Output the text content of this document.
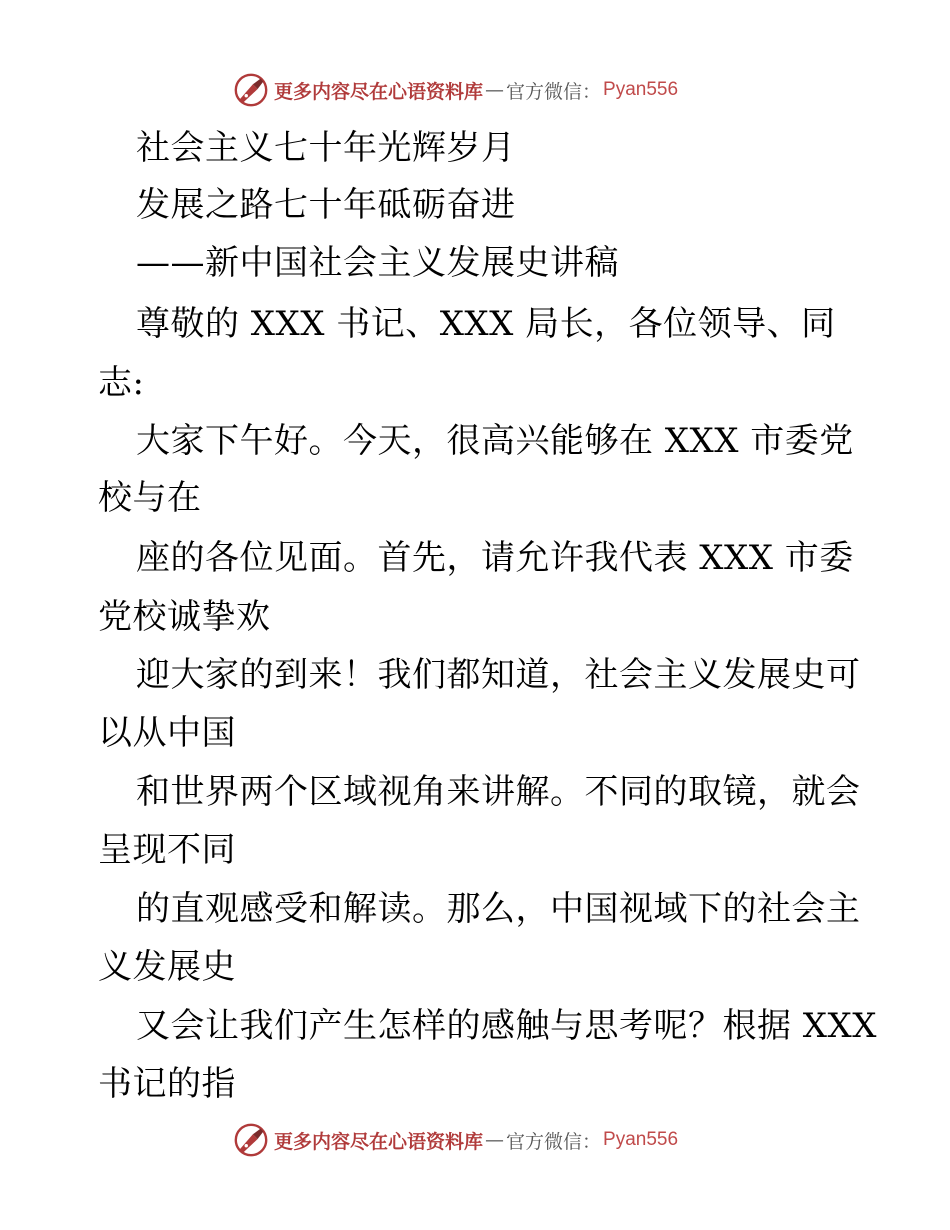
更多内容尽在心语资料库 — 官方微信： Pyan556
社会主义七十年光辉岁月
发展之路七十年砥砺奋进
——新中国社会主义发展史讲稿
尊敬的 XXX 书记、XXX 局长，各位领导、同
志:
大家下午好。今天，很高兴能够在 XXX 市委党
校与在
座的各位见面。首先，请允许我代表 XXX 市委
党校诚挚欢
迎大家的到来！我们都知道，社会主义发展史可
以从中国
和世界两个区域视角来讲解。不同的取镜，就会
呈现不同
的直观感受和解读。那么，中国视域下的社会主
义发展史
又会让我们产生怎样的感触与思考呢？根据 XXX
书记的指
更多内容尽在心语资料库 — 官方微信： Pyan556
